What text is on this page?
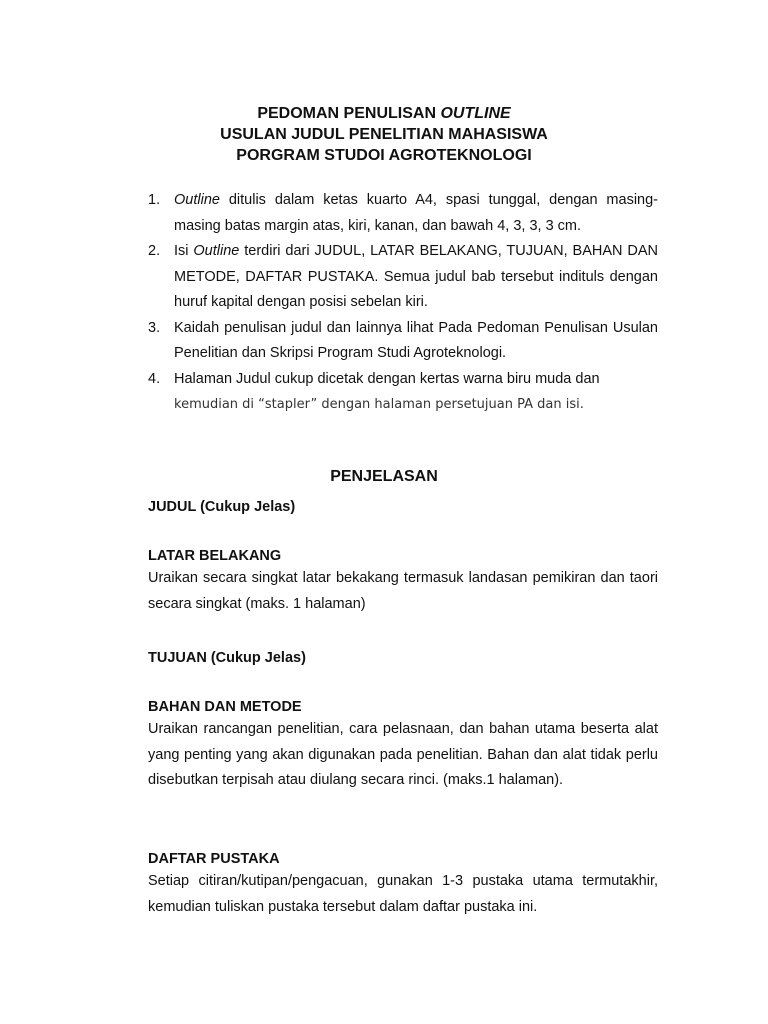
PEDOMAN PENULISAN OUTLINE
USULAN JUDUL PENELITIAN MAHASISWA
PORGRAM STUDOI AGROTEKNOLOGI
1. Outline ditulis dalam ketas kuarto A4, spasi tunggal, dengan masing-masing batas margin atas, kiri, kanan, dan bawah 4, 3, 3, 3 cm.
2. Isi Outline terdiri dari JUDUL, LATAR BELAKANG, TUJUAN, BAHAN DAN METODE, DAFTAR PUSTAKA. Semua judul bab tersebut indituls dengan huruf kapital dengan posisi sebelan kiri.
3. Kaidah penulisan judul dan lainnya lihat Pada Pedoman Penulisan Usulan Penelitian dan Skripsi Program Studi Agroteknologi.
4. Halaman Judul cukup dicetak dengan kertas warna biru muda dan
kemudian di “stapler” dengan halaman persetujuan PA dan isi.
PENJELASAN
JUDUL (Cukup Jelas)
LATAR BELAKANG

Uraikan secara singkat latar bekakang termasuk landasan pemikiran dan taori secara singkat (maks. 1 halaman)

TUJUAN (Cukup Jelas)
BAHAN DAN METODE

Uraikan rancangan penelitian, cara pelasnaan, dan bahan utama beserta alat yang penting yang akan digunakan pada penelitian. Bahan dan alat tidak perlu disebutkan terpisah atau diulang secara rinci. (maks.1 halaman).

DAFTAR PUSTAKA

Setiap citiran/kutipan/pengacuan, gunakan 1-3 pustaka utama termutakhir, kemudian tuliskan pustaka tersebut dalam daftar pustaka ini.
